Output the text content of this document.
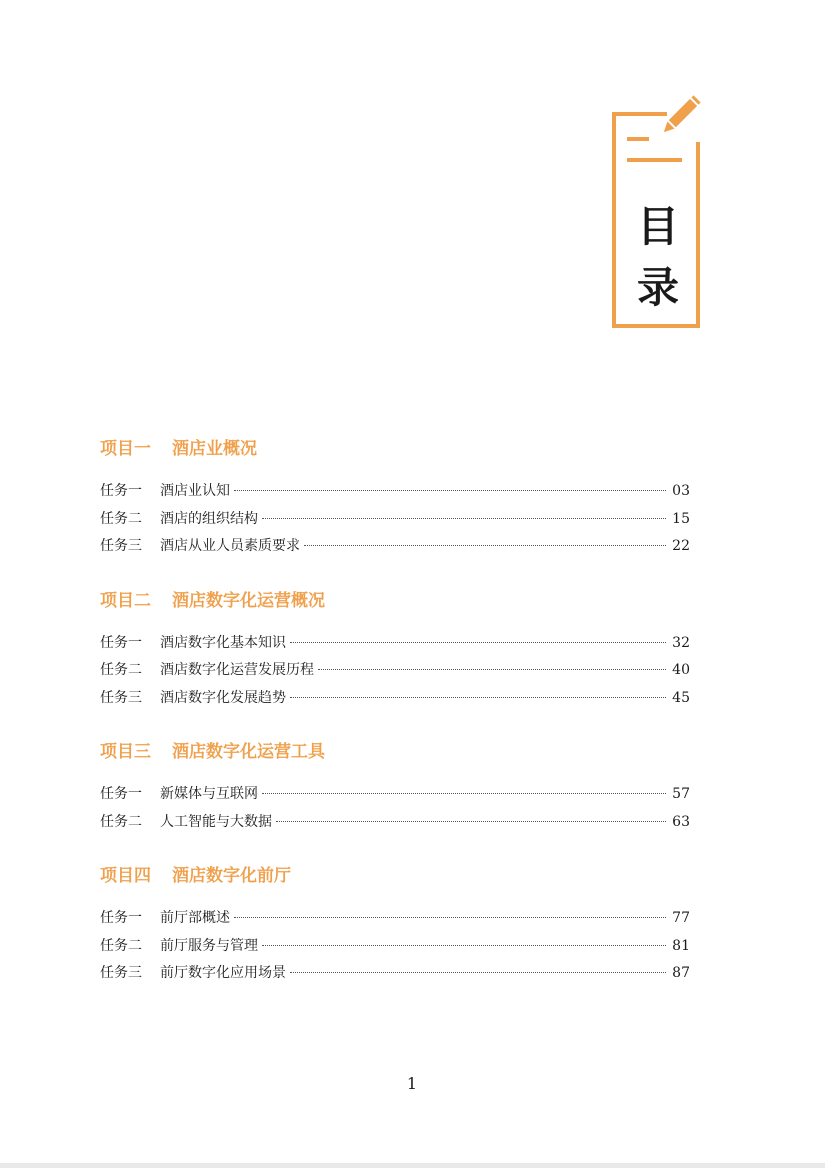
目
录
项目一 酒店业概况
任务一	酒店业认知	03
任务二	酒店的组织结构	15
任务三	酒店从业人员素质要求	22
项目二 酒店数字化运营概况
任务一	酒店数字化基本知识	32
任务二	酒店数字化运营发展历程	40
任务三	酒店数字化发展趋势	45
项目三 酒店数字化运营工具
任务一	新媒体与互联网	57
任务二	人工智能与大数据	63
项目四 酒店数字化前厅
任务一	前厅部概述	77
任务二	前厅服务与管理	81
任务三	前厅数字化应用场景	87
1
